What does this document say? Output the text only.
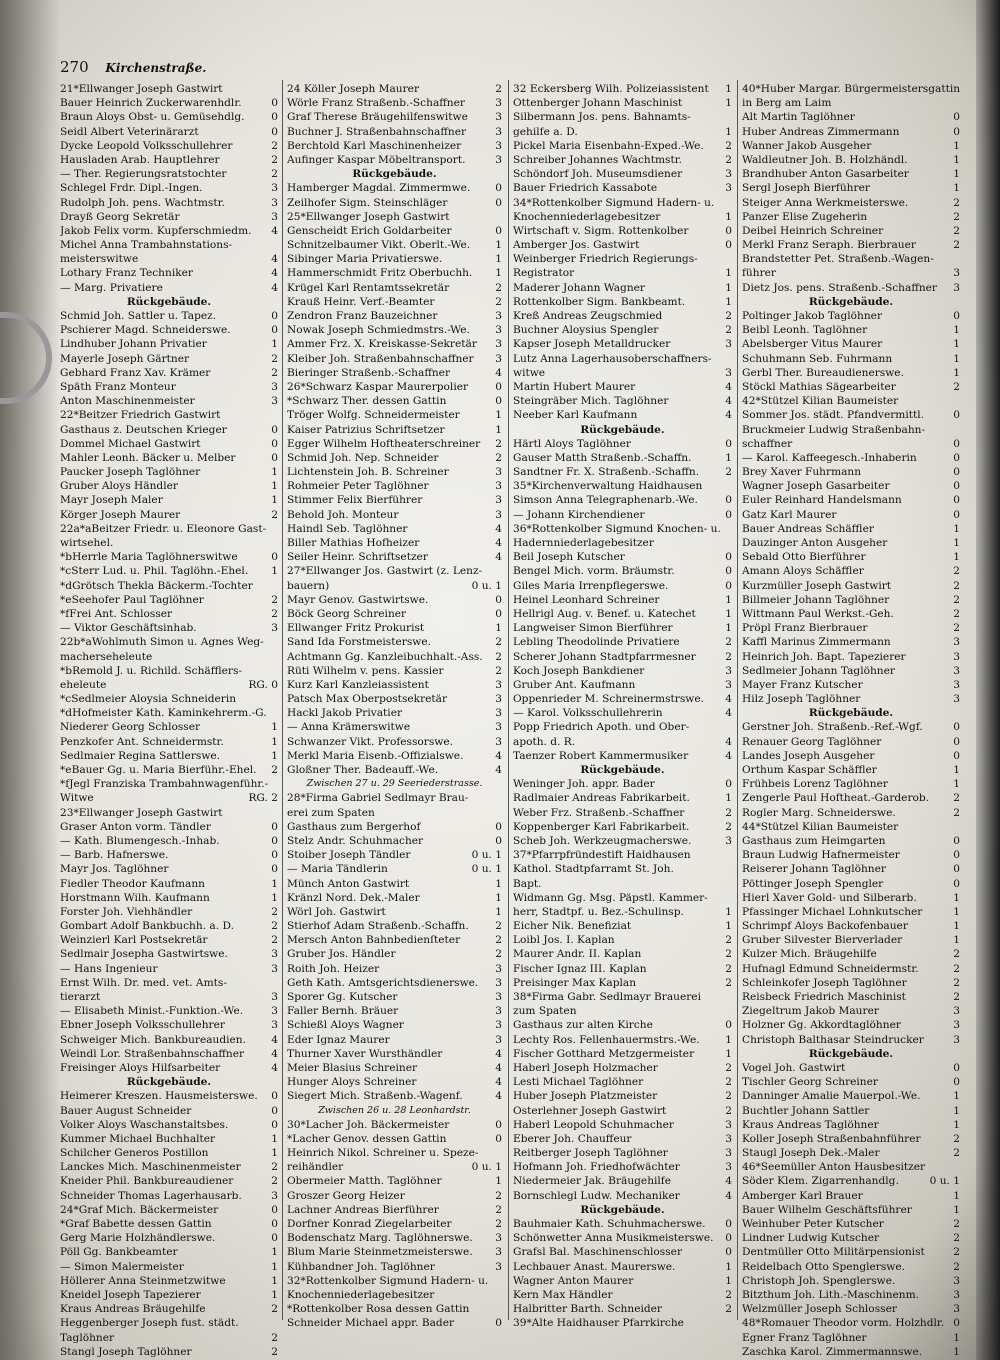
270 Kirchenstraße.
21*Ellwanger Joseph Gastwirt
Bauer Heinrich Zuckerwarenhdlr.	0
Braun Aloys Obst- u. Gemüsehdlg.	0
Seidl Albert Veterinärarzt	0
Dycke Leopold Volksschullehrer	2
Hausladen Arab. Hauptlehrer	2
— Ther. Regierungsratstochter	2
Schlegel Frdr. Dipl.-Ingen.	3
Rudolph Joh. pens. Wachtmstr.	3
Drayß Georg Sekretär	3
Jakob Felix vorm. Kupferschmiedm. 4
Michel Anna Trambahnstations-
meisterswitwe	4
Lothary Franz Techniker	4
— Marg. Privatiere	4
Rückgebäude.
Schmid Joh. Sattler u. Tapez.	0
Pschierer Magd. Schneiderswe.	0
Lindhuber Johann Privatier	1
Mayerle Joseph Gärtner	2
Gebhard Franz Xav. Krämer	2
Späth Franz Monteur	3
Anton Maschinenmeister	3
22*Beitzer Friedrich Gastwirt
Gasthaus z. Deutschen Krieger	0
Dommel Michael Gastwirt	0
Mahler Leonh. Bäcker u. Melber	0
Paucker Joseph Taglöhner	1
Gruber Aloys Händler	1
Mayr Joseph Maler	1
Körger Joseph Maurer	2
22a*aBeitzer Friedr. u. Eleonore Gast-
wirtsehel.
*bHerrle Maria Taglöhnerswitwe	0
*cSterr Lud. u. Phil. Taglöhn.-Ehel. 1
*dGrötsch Thekla Bäckerm.-Tochter
*eSeehofer Paul Taglöhner	2
*fFrei Ant. Schlosser	2
— Viktor Geschäftsinhab.	3
22b*aWohlmuth Simon u. Agnes Weg-
macherseheleute
*bRemold J. u. Richild. Schäfflers-
eheleute	RG. 0
*cSedlmeier Aloysia Schneiderin
*dHofmeister Kath. Kaminkehrerm.-G.
Niederer Georg Schlosser	1
Penzkofer Ant. Schneidermstr.	1
Sedlmaier Regina Sattlerswe.	1
*eBauer Gg. u. Maria Bierführ.-Ehel. 2
*fJegl Franziska Trambahnwagenführ.-
Witwe	RG. 2
23*Ellwanger Joseph Gastwirt
Graser Anton vorm. Tändler	0
— Kath. Blumengesch.-Inhab.	0
— Barb. Hafnerswe.	0
Mayr Jos. Taglöhner	0
Fiedler Theodor Kaufmann	1
Horstmann Wilh. Kaufmann	1
Forster Joh. Viehhändler	2
Gombart Adolf Bankbuchh. a. D.	2
Weinzierl Karl Postsekretär	2
Sedlmair Josepha Gastwirtswe.	3
— Hans Ingenieur	3
Ernst Wilh. Dr. med. vet. Amts-
tierarzt	3
— Elisabeth Minist.-Funktion.-We.	3
Ebner Joseph Volksschullehrer	3
Schweiger Mich. Bankbureaudien. 4
Weindl Lor. Straßenbahnschaffner	4
Freisinger Aloys Hilfsarbeiter	4
Rückgebäude.
Heimerer Kreszen. Hausmeisterswe. 0
Bauer August Schneider	0
Volker Aloys Waschanstaltsbes.	0
Kummer Michael Buchhalter	1
Schilcher Generos Postillon	1
Lanckes Mich. Maschinenmeister	2
Kneider Phil. Bankbureaudiener	2
Schneider Thomas Lagerhausarb.	3
24*Graf Mich. Bäckermeister	0
*Graf Babette dessen Gattin	0
Gerg Marie Holzhändlerswe.	0
Pöll Gg. Bankbeamter	1
— Simon Malermeister	1
Höllerer Anna Steinmetzwitwe	1
Kneidel Joseph Tapezierer	1
Kraus Andreas Bräugehilfe	2
Heggenberger Joseph fust. städt.
Taglöhner	2
Stangl Joseph Taglöhner	2
24 Köller Joseph Maurer	2
Wörle Franz Straßenb.-Schaffner	3
Graf Therese Bräugehilfenswitwe	3
Buchner J. Straßenbahnschaffner	3
Berchtold Karl Maschinenheizer	3
Aufinger Kaspar Möbeltransport.	3
Rückgebäude.
Hamberger Magdal. Zimmermwe. 0
Zeilhofer Sigm. Steinschläger	0
25*Ellwanger Joseph Gastwirt
Genscheidt Erich Goldarbeiter	0
Schnitzelbaumer Vikt. Oberlt.-We. 1
Sibinger Maria Privatierswe.	1
Hammerschmidt Fritz Oberbuchh. 1
Krügel Karl Rentamtssekretär	2
Krauß Heinr. Verf.-Beamter	2
Zendron Franz Bauzeichner	3
Nowak Joseph Schmiedmstrs.-We. 3
Ammer Frz. X. Kreiskasse-Sekretär 3
Kleiber Joh. Straßenbahnschaffner 3
Bieringer Straßenb.-Schaffner	4
26*Schwarz Kaspar Maurerpolier	0
*Schwarz Ther. dessen Gattin	0
Tröger Wolfg. Schneidermeister	1
Kaiser Patrizius Schriftsetzer	1
Egger Wilhelm Hoftheaterschreiner 2
Schmid Joh. Nep. Schneider	2
Lichtenstein Joh. B. Schreiner	3
Rohmeier Peter Taglöhner	3
Stimmer Felix Bierführer	3
Behold Joh. Monteur	3
Haindl Seb. Taglöhner	4
Biller Mathias Hofheizer	4
Seiler Heinr. Schriftsetzer	4
27*Ellwanger Jos. Gastwirt (z. Lenz-
bauern)	0 u. 1
Mayr Genov. Gastwirtswe.	0
Böck Georg Schreiner	0
Ellwanger Fritz Prokurist	1
Sand Ida Forstmeisterswe.	2
Achtmann Gg. Kanzleibuchhalt.-Ass. 2
Rüti Wilhelm v. pens. Kassier	2
Kurz Karl Kanzleiassistent	3
Patsch Max Oberpostsekretär	3
Hackl Jakob Privatier	3
— Anna Krämerswitwe	3
Schwanzer Vikt. Professorswe.	3
Merkl Maria Eisenb.-Offizialswe.	4
Gloßner Ther. Badeauff.-We.	4
Zwischen 27 u. 29 Seeriederstrasse.
28*Firma Gabriel Sedlmayr Brau-
erei zum Spaten
Gasthaus zum Bergerhof	0
Stelz Andr. Schuhmacher	0
Stoiber Joseph Tändler	0 u. 1
— Maria Tändlerin	0 u. 1
Münch Anton Gastwirt	1
Kränzl Nord. Dek.-Maler	1
Wörl Joh. Gastwirt	1
Stierhof Adam Straßenb.-Schaffn.	2
Mersch Anton Bahnbedienſteter	2
Gruber Jos. Händler	2
Roith Joh. Heizer	3
Geth Kath. Amtsgerichtsdienerswe. 3
Sporer Gg. Kutscher	3
Faller Bernh. Bräuer	3
Schießl Aloys Wagner	3
Eder Ignaz Maurer	3
Thurner Xaver Wursthändler	4
Meier Blasius Schreiner	4
Hunger Aloys Schreiner	4
Siegert Mich. Straßenb.-Wagenf.	4
Zwischen 26 u. 28 Leonhardstr.
30*Lacher Joh. Bäckermeister	0
*Lacher Genov. dessen Gattin	0
Heinrich Nikol. Schreiner u. Speze-
reihändler	0 u. 1
Obermeier Matth. Taglöhner	1
Groszer Georg Heizer	2
Lachner Andreas Bierführer	2
Dorfner Konrad Ziegelarbeiter	2
Bodenschatz Marg. Taglöhnerswe. 3
Blum Marie Steinmetzmeisterswe. 3
Kühbandner Joh. Taglöhner	3
32*Rottenkolber Sigmund Hadern- u.
Knochenniederlagebesitzer
*Rottenkolber Rosa dessen Gattin
Schneider Michael appr. Bader	0
32 Eckersberg Wilh. Polizeiassistent 1
Ottenberger Johann Maschinist	1
Silbermann Jos. pens. Bahnamts-
gehilfe a. D.	1
Pickel Maria Eisenbahn-Exped.-We. 2
Schreiber Johannes Wachtmstr.	2
Schöndorf Joh. Museumsdiener	3
Bauer Friedrich Kassabote	3
34*Rottenkolber Sigmund Hadern- u.
Knochenniederlagebesitzer	1
Wirtschaft v. Sigm. Rottenkolber	0
Amberger Jos. Gastwirt	0
Weinberger Friedrich Regierungs-
Registrator	1
Maderer Johann Wagner	1
Rottenkolber Sigm. Bankbeamt.	1
Kreß Andreas Zeugschmied	2
Buchner Aloysius Spengler	2
Kapser Joseph Metalldrucker	3
Lutz Anna Lagerhausoberschaffners-
witwe	3
Martin Hubert Maurer	4
Steingräber Mich. Taglöhner	4
Neeber Karl Kaufmann	4
Rückgebäude.
Härtl Aloys Taglöhner	0
Gauser Matth Straßenb.-Schaffn.	1
Sandtner Fr. X. Straßenb.-Schaffn. 2
35*Kirchenverwaltung Haidhausen
Simson Anna Telegraphenarb.-We.	0
— Johann Kirchendiener	0
36*Rottenkolber Sigmund Knochen- u.
Hadernniederlagebesitzer
Beil Joseph Kutscher	0
Bengel Mich. vorm. Bräumstr.	0
Giles Maria Irrenpflegerswe.	0
Heinel Leonhard Schreiner	1
Hellrigl Aug. v. Benef. u. Katechet	1
Langweiser Simon Bierführer	1
Lebling Theodolinde Privatiere	2
Scherer Johann Stadtpfarrmesner	2
Koch Joseph Bankdiener	3
Gruber Ant. Kaufmann	3
Oppenrieder M. Schreinermstrswe. 4
— Karol. Volksschullehrerin	4
Popp Friedrich Apoth. und Ober-
apoth. d. R.	4
Taenzer Robert Kammermusiker	4
Rückgebäude.
Weninger Joh. appr. Bader	0
Radlmaier Andreas Fabrikarbeit.	1
Weber Frz. Straßenb.-Schaffner	2
Koppenberger Karl Fabrikarbeit.	2
Scheb Joh. Werkzeugmacherswe.	3
37*Pfarrpfründestift Haidhausen
Kathol. Stadtpfarramt St. Joh.
Bapt.
Widmann Gg. Msg. Päpstl. Kammer-
herr, Stadtpf. u. Bez.-Schulinsp.	1
Eicher Nik. Benefiziat	1
Loibl Jos. I. Kaplan	2
Maurer Andr. II. Kaplan	2
Fischer Ignaz III. Kaplan	2
Preisinger Max Kaplan	2
38*Firma Gabr. Sedlmayr Brauerei
zum Spaten
Gasthaus zur alten Kirche	0
Lechty Ros. Fellenhauermstrs.-We. 1
Fischer Gotthard Metzgermeister	1
Haberl Joseph Holzmacher	2
Lesti Michael Taglöhner	2
Huber Joseph Platzmeister	2
Osterlehner Joseph Gastwirt	2
Haberl Leopold Schuhmacher	3
Eberer Joh. Chauffeur	3
Reitberger Joseph Taglöhner	3
Hofmann Joh. Friedhofwächter	3
Niedermeier Jak. Bräugehilfe	4
Bornschlegl Ludw. Mechaniker	4
Rückgebäude.
Bauhmaier Kath. Schuhmacherswe. 0
Schönwetter Anna Musikmeisterswe. 0
Grafsl Bal. Maschinenschlosser	0
Lechbauer Anast. Maurerswe.	1
Wagner Anton Maurer	1
Kern Max Händler	2
Halbritter Barth. Schneider	2
39*Alte Haidhauser Pfarrkirche
40*Huber Margar. Bürgermeistersgattin
in Berg am Laim
Alt Martin Taglöhner	0
Huber Andreas Zimmermann	0
Wanner Jakob Ausgeher	1
Waldleutner Joh. B. Holzhändl.	1
Brandhuber Anton Gasarbeiter	1
Sergl Joseph Bierführer	1
Steiger Anna Werkmeisterswe.	2
Panzer Elise Zugeherin	2
Deibel Heinrich Schreiner	2
Merkl Franz Seraph. Bierbrauer	2
Brandstetter Pet. Straßenb.-Wagen-
führer	3
Dietz Jos. pens. Straßenb.-Schaffner 3
Rückgebäude.
Poltinger Jakob Taglöhner	0
Beibl Leonh. Taglöhner	1
Abelsberger Vitus Maurer	1
Schuhmann Seb. Fuhrmann	1
Gerbl Ther. Bureaudienerswe.	1
Stöckl Mathias Sägearbeiter	2
42*Stützel Kilian Baumeister
Sommer Jos. städt. Pfandvermittl.	0
Bruckmeier Ludwig Straßenbahn-
schaffner	0
— Karol. Kaffeegesch.-Inhaberin	0
Brey Xaver Fuhrmann	0
Wagner Joseph Gasarbeiter	0
Euler Reinhard Handelsmann	0
Gatz Karl Maurer	0
Bauer Andreas Schäffler	1
Dauzinger Anton Ausgeher	1
Sebald Otto Bierführer	1
Amann Aloys Schäffler	2
Kurzmüller Joseph Gastwirt	2
Billmeier Johann Taglöhner	2
Wittmann Paul Werkst.-Geh.	2
Pröpl Franz Bierbrauer	2
Kaffl Marinus Zimmermann	3
Heinrich Joh. Bapt. Tapezierer	3
Sedlmeier Johann Taglöhner	3
Mayer Franz Kutscher	3
Hilz Joseph Taglöhner	3
Rückgebäude.
Gerstner Joh. Straßenb.-Ref.-Wgf.	0
Renauer Georg Taglöhner	0
Landes Joseph Ausgeher	0
Orthum Kaspar Schäffler	1
Frühbeis Lorenz Taglöhner	1
Zengerle Paul Hoftheat.-Garderob. 2
Rogler Marg. Schneiderswe.	2
44*Stützel Kilian Baumeister
Gasthaus zum Heimgarten	0
Braun Ludwig Hafnermeister	0
Reiserer Johann Taglöhner	0
Pöttinger Joseph Spengler	0
Hierl Xaver Gold- und Silberarb.	1
Pfassinger Michael Lohnkutscher	1
Schrimpf Aloys Backofenbauer	1
Gruber Silvester Bierverlader	1
Kulzer Mich. Bräugehilfe	2
Hufnagl Edmund Schneidermstr.	2
Schleinkofer Joseph Taglöhner	2
Reisbeck Friedrich Maschinist	2
Ziegeltrum Jakob Maurer	3
Holzner Gg. Akkordtaglöhner	3
Christoph Balthasar Steindrucker	3
Rückgebäude.
Vogel Joh. Gastwirt	0
Tischler Georg Schreiner	0
Danninger Amalie Mauerpol.-We.	1
Buchtler Johann Sattler	1
Kraus Andreas Taglöhner	1
Koller Joseph Straßenbahnführer	2
Staugl Joseph Dek.-Maler	2
46*Seemüller Anton Hausbesitzer
Söder Klem. Zigarrenhandlg.	0 u. 1
Amberger Karl Brauer	1
Bauer Wilhelm Geschäftsführer	1
Weinhuber Peter Kutscher	2
Lindner Ludwig Kutscher	2
Dentmüller Otto Militärpensionist	2
Reidelbach Otto Spenglerswe.	2
Christoph Joh. Spenglerswe.	3
Bitzthum Joh. Lith.-Maschinenm.	3
Welzmüller Joseph Schlosser	3
48*Romauer Theodor vorm. Holzhdlr. 0
Egner Franz Taglöhner	1
Zaschka Karol. Zimmermannswe.	1
